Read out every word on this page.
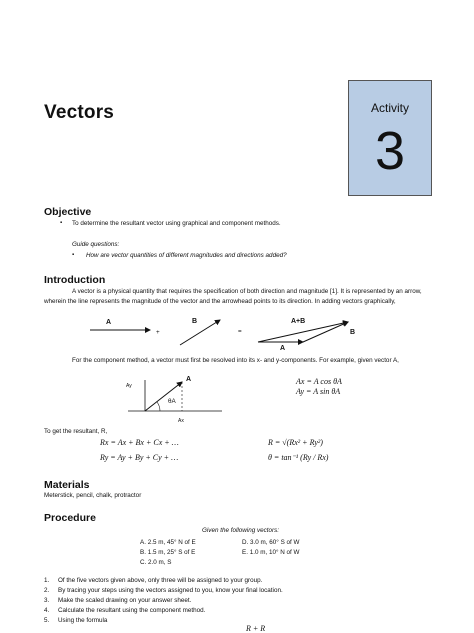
Vectors	Activity
3
Objective
▪ To determine the resultant vector using graphical and component methods.
Guide questions:
▪ How are vector quantities of different magnitudes and directions added?
Introduction
A vector is a physical quantity that requires the specification of both direction and magnitude [1]. It is represented by an arrow,
wherein the line represents the magnitude of the vector and the arrowhead points to its direction. In adding vectors graphically,
A
+
B
=
A+B
B
A
For the component method, a vector must first be resolved into its x- and y-components. For example, given vector A,
A
θA
Ay
Ax
Ax = A cos θA
Ay = A sin θA
To get the resultant, R,
Rx = Ax + Bx + Cx + …
Ry = Ay + By + Cy + …
R = √(Rx² + Ry²)
θ = tan⁻¹ (Ry / Rx)
Materials
Meterstick, pencil, chalk, protractor
Procedure
Given the following vectors:
A. 2.5 m, 45° N of E
B. 1.5 m, 25° S of E
C. 2.0 m, S
D. 3.0 m, 60° S of W
E. 1.0 m, 10° N of W
1. Of the five vectors given above, only three will be assigned to your group.
2. By tracing your steps using the vectors assigned to you, know your final location.
3. Make the scaled drawing on your answer sheet.
4. Calculate the resultant using the component method.
5. Using the formula
R + R
